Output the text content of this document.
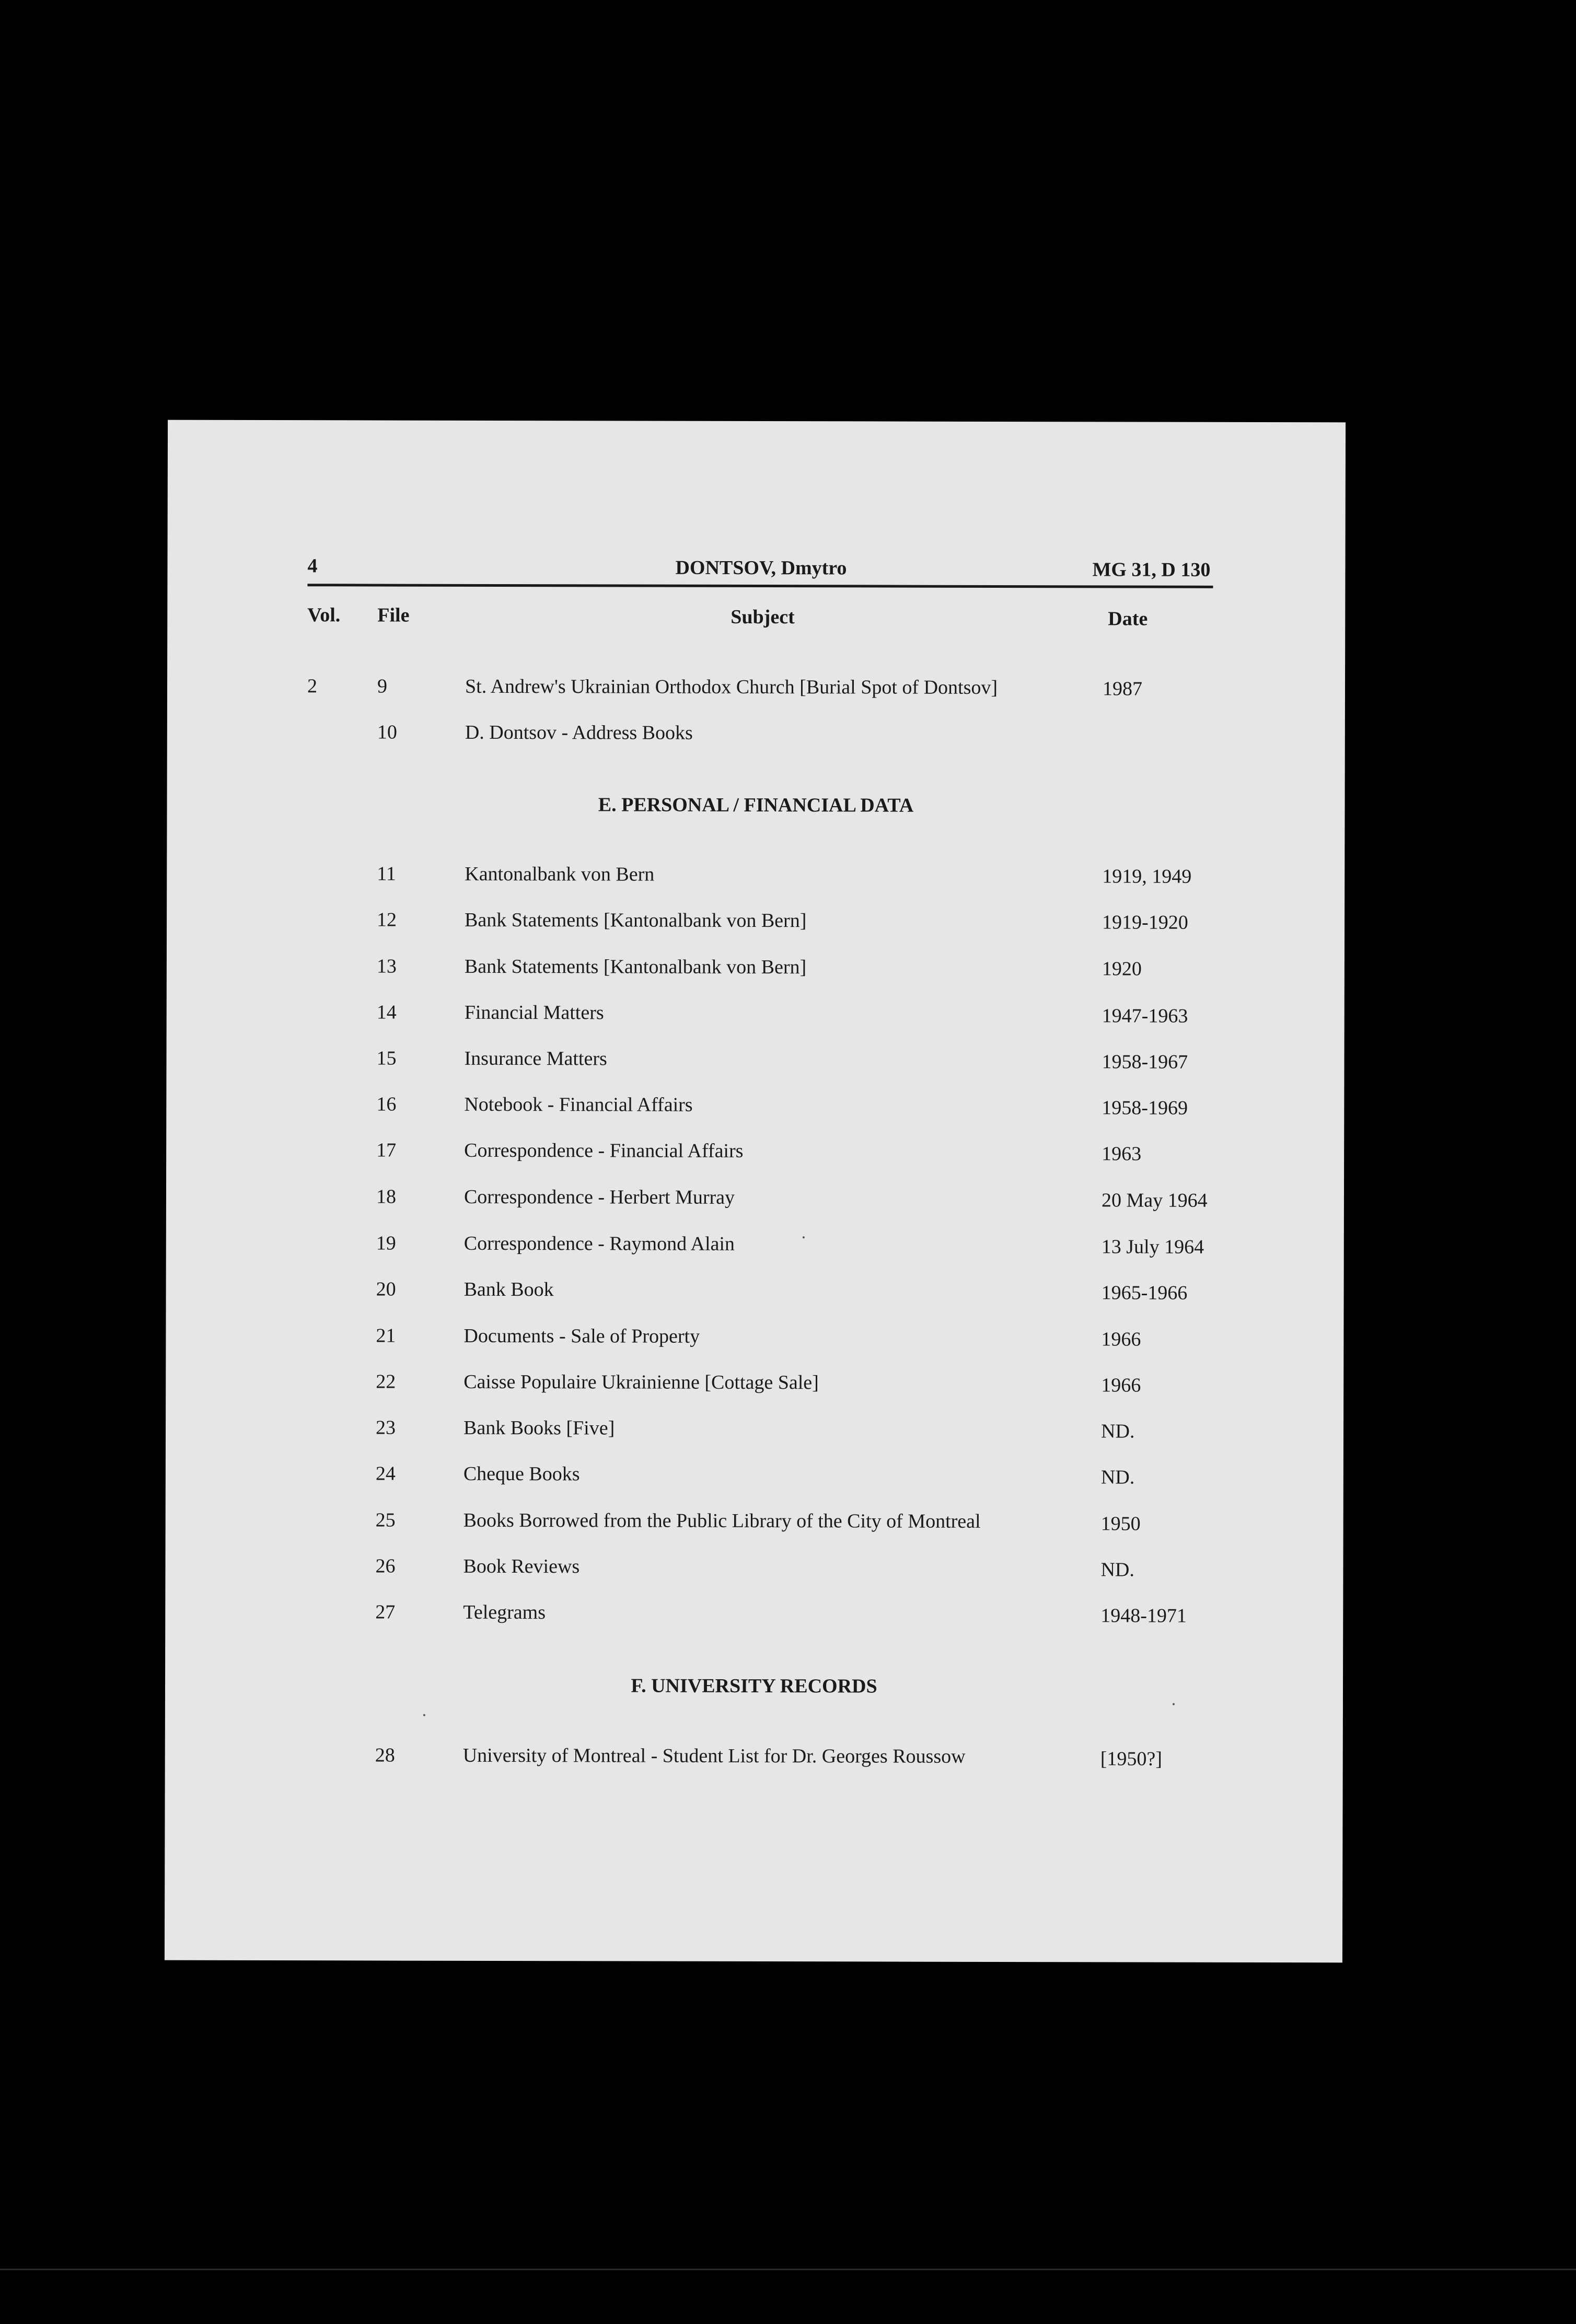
4	DONTSOV, Dmytro	MG 31, D 130
Vol. File	Subject	Date
2	9	St. Andrew's Ukrainian Orthodox Church [Burial Spot of Dontsov]	1987
10	D. Dontsov - Address Books
E. PERSONAL / FINANCIAL DATA
11	Kantonalbank von Bern	1919, 1949
12	Bank Statements [Kantonalbank von Bern]	1919-1920
13	Bank Statements [Kantonalbank von Bern]	1920
14	Financial Matters	1947-1963
15	Insurance Matters	1958-1967
16	Notebook - Financial Affairs	1958-1969
17	Correspondence - Financial Affairs	1963
18	Correspondence - Herbert Murray	20 May 1964
19	Correspondence - Raymond Alain	13 July 1964
20	Bank Book	1965-1966
21	Documents - Sale of Property	1966
22	Caisse Populaire Ukrainienne [Cottage Sale]	1966
23	Bank Books [Five]	ND.
24	Cheque Books	ND.
25	Books Borrowed from the Public Library of the City of Montreal	1950
26	Book Reviews	ND.
27	Telegrams	1948-1971
F. UNIVERSITY RECORDS
28	University of Montreal - Student List for Dr. Georges Roussow	[1950?]
